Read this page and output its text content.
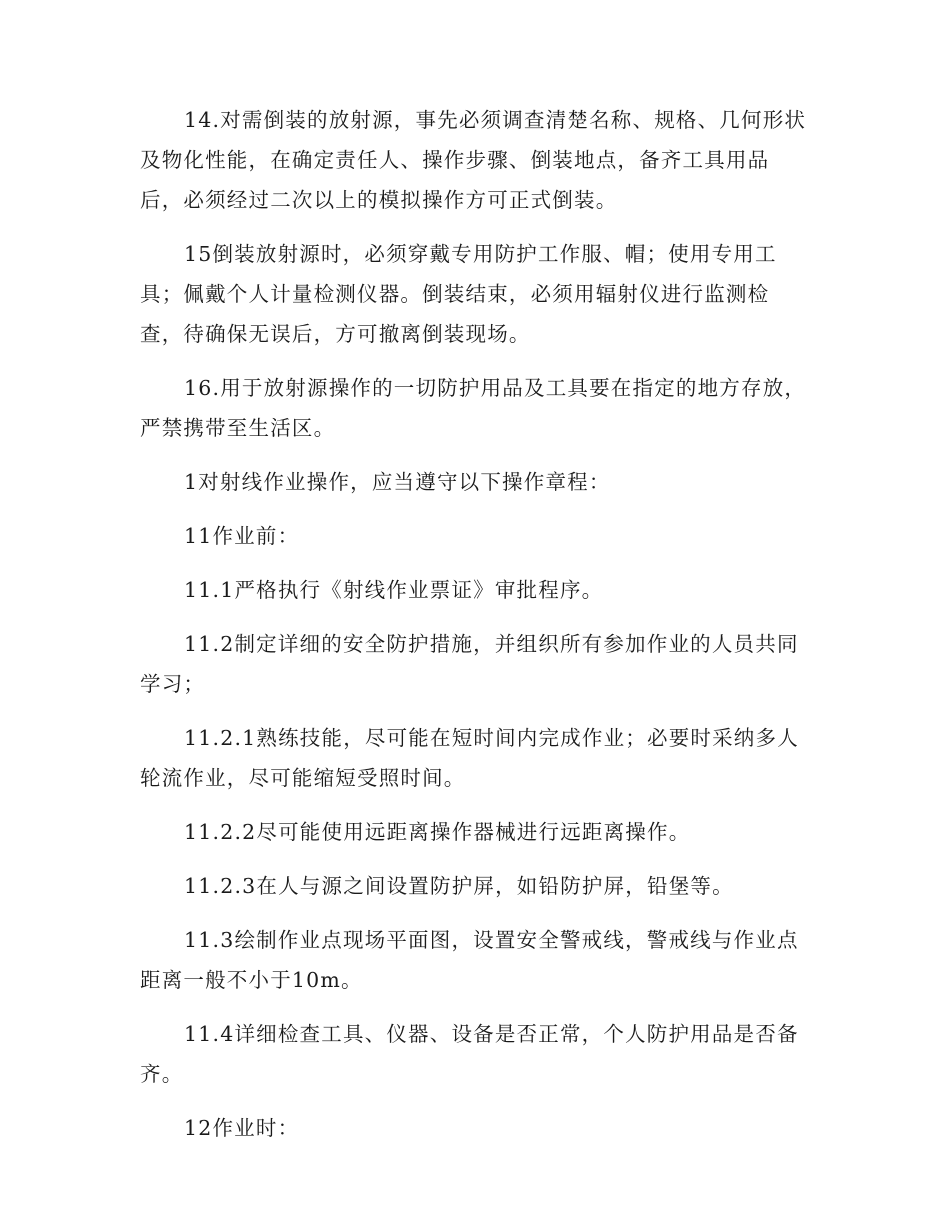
14.对需倒装的放射源，事先必须调查清楚名称、规格、几何形状
及物化性能，在确定责任人、操作步骤、倒装地点，备齐工具用品
后，必须经过二次以上的模拟操作方可正式倒装。

15倒装放射源时，必须穿戴专用防护工作服、帽；使用专用工
具；佩戴个人计量检测仪器。倒装结束，必须用辐射仪进行监测检
查，待确保无误后，方可撤离倒装现场。

16.用于放射源操作的一切防护用品及工具要在指定的地方存放，
严禁携带至生活区。

1对射线作业操作，应当遵守以下操作章程：

11作业前：

11.1严格执行《射线作业票证》审批程序。

11.2制定详细的安全防护措施，并组织所有参加作业的人员共同
学习；

11.2.1熟练技能，尽可能在短时间内完成作业；必要时采纳多人
轮流作业，尽可能缩短受照时间。

11.2.2尽可能使用远距离操作器械进行远距离操作。

11.2.3在人与源之间设置防护屏，如铅防护屏，铅堡等。

11.3绘制作业点现场平面图，设置安全警戒线，警戒线与作业点
距离一般不小于10m。

11.4详细检查工具、仪器、设备是否正常，个人防护用品是否备
齐。

12作业时：
